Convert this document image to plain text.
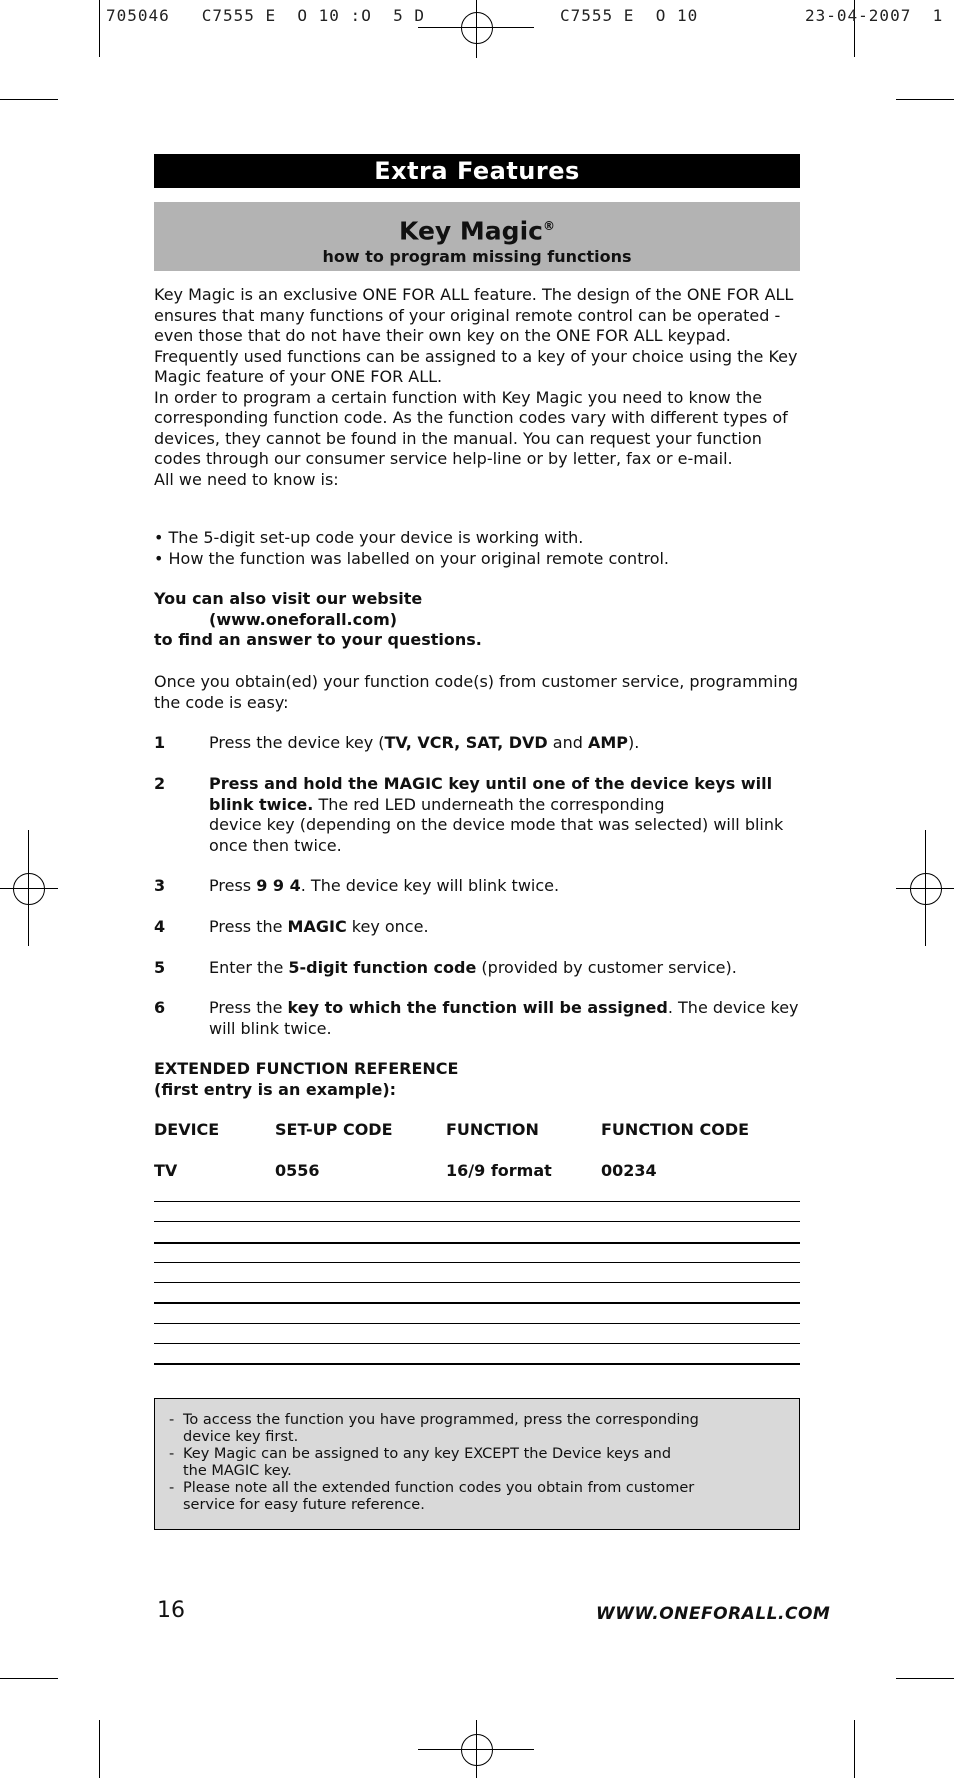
705046   C7555 E  O 10 :O  5 D	C7555 E  O 10	23-04-2007  1
Extra Features
Key Magic®
how to program missing functions

Key Magic is an exclusive ONE FOR ALL feature. The design of the ONE FOR ALL ensures that many functions of your original remote control can be operated - even those that do not have their own key on the ONE FOR ALL keypad. Frequently used functions can be assigned to a key of your choice using the Key Magic feature of your ONE FOR ALL.

In order to program a certain function with Key Magic you need to know the corresponding function code. As the function codes vary with different types of devices, they cannot be found in the manual. You can request your function codes through our consumer service help-line or by letter, fax or e-mail.

All we need to know is:

• The 5-digit set-up code your device is working with.
• How the function was labelled on your original remote control.
You can also visit our website
(www.oneforall.com)
to find an answer to your questions.
Once you obtain(ed) your function code(s) from customer service, programming the code is easy:
1	Press the device key (TV, VCR, SAT, DVD and AMP).
2	Press and hold the MAGIC key until one of the device keys will blink twice. The red LED underneath the corresponding
device key (depending on the device mode that was selected) will blink once then twice.
3	Press 9 9 4. The device key will blink twice.
4	Press the MAGIC key once.
5	Enter the 5-digit function code (provided by customer service).
6	Press the key to which the function will be assigned. The device key will blink twice.
EXTENDED FUNCTION REFERENCE
(first entry is an example):
DEVICE	SET-UP CODE	FUNCTION	FUNCTION CODE
TV	0556	16/9 format	00234
- To access the function you have programmed, press the corresponding
device key first.
- Key Magic can be assigned to any key EXCEPT the Device keys and
the MAGIC key.
- Please note all the extended function codes you obtain from customer
service for easy future reference.
16	WWW.ONEFORALL.COM
